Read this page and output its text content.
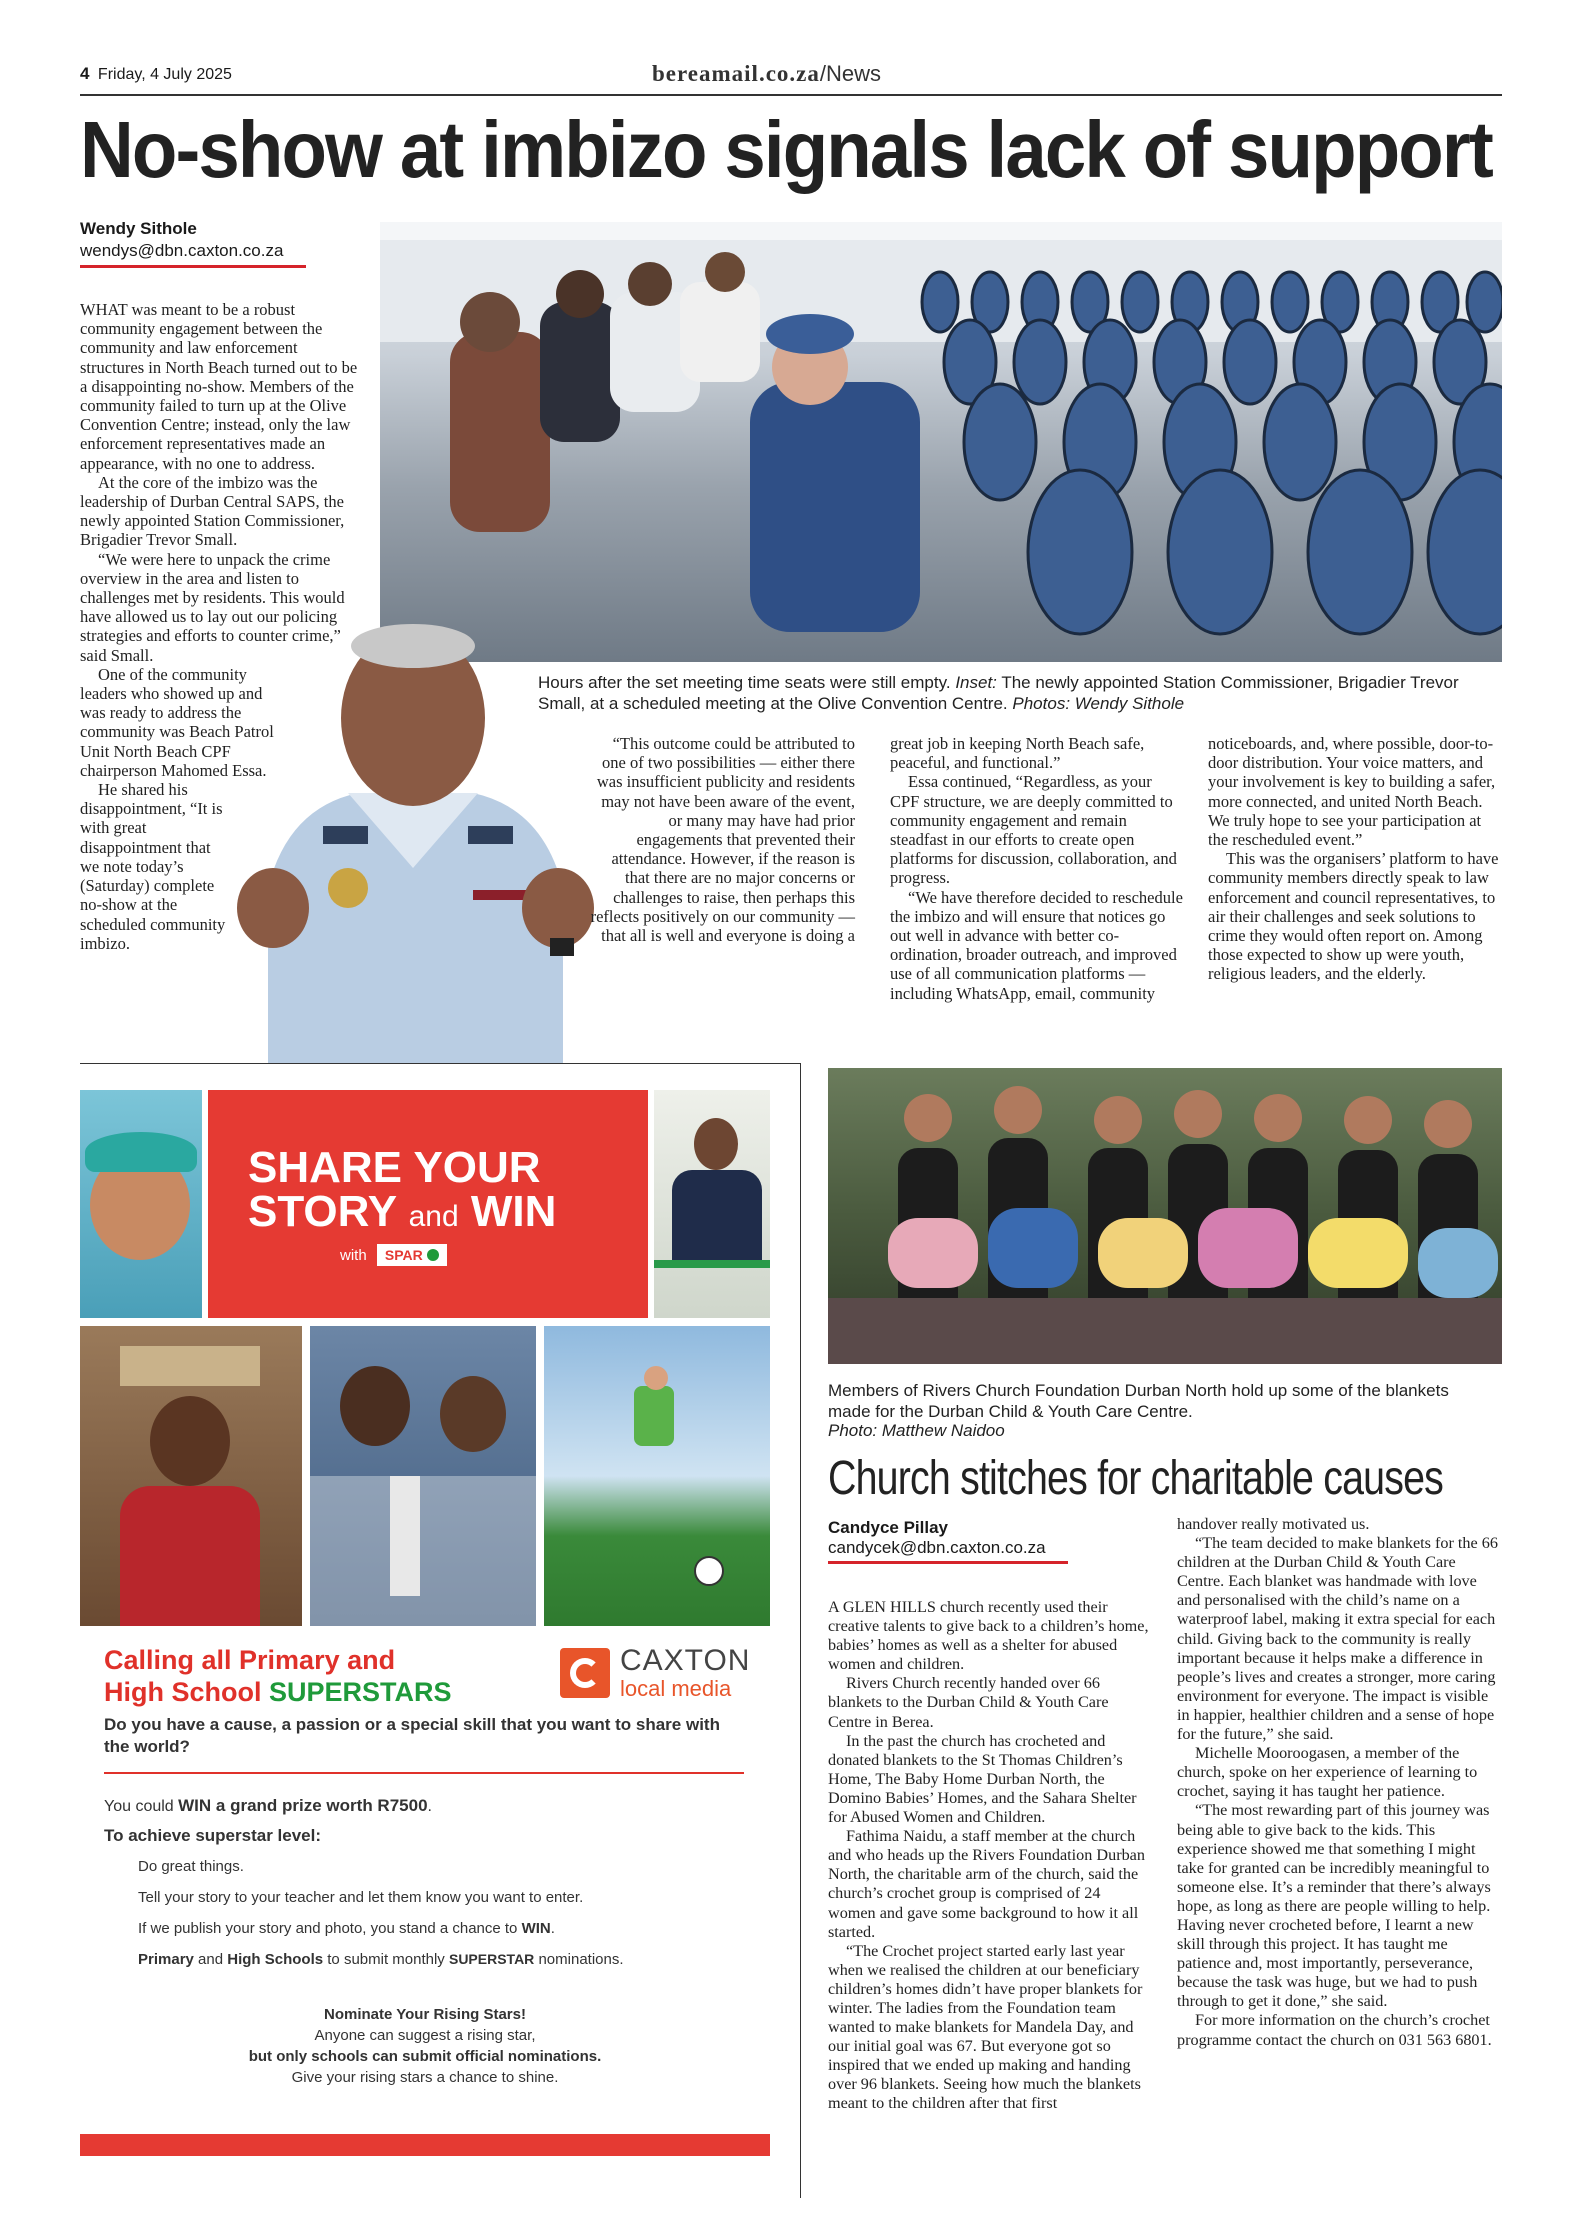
4 Friday, 4 July 2025	bereamail.co.za/News
No-show at imbizo signals lack of support
Wendy Sithole
wendys@dbn.caxton.co.za
Hours after the set meeting time seats were still empty. Inset: The newly appointed Station Commissioner, Brigadier Trevor Small, at a scheduled meeting at the Olive Convention Centre. Photos: Wendy Sithole

WHAT was meant to be a robust community engagement between the community and law enforcement structures in North Beach turned out to be a disappointing no-show. Members of the community failed to turn up at the Olive Convention Centre; instead, only the law enforcement representatives made an appearance, with no one to address.

At the core of the imbizo was the leadership of Durban Central SAPS, the newly appointed Station Commissioner, Brigadier Trevor Small.

“We were here to unpack the crime overview in the area and listen to challenges met by residents. This would have allowed us to lay out our policing strategies and efforts to counter crime,” said Small.

One of the community leaders who showed up and was ready to address the community was Beach Patrol Unit North Beach CPF chairperson Mahomed Essa.

He shared his disappointment, “It is with great disappointment that we note today’s (Saturday) complete no-show at the scheduled community imbizo.

“This outcome could be attributed to one of two possibilities — either there was insufficient publicity and residents may not have been aware of the event, or many may have had prior engagements that prevented their attendance. However, if the reason is that there are no major concerns or challenges to raise, then perhaps this reflects positively on our community — that all is well and everyone is doing a

great job in keeping North Beach safe, peaceful, and functional.”

Essa continued, “Regardless, as your CPF structure, we are deeply committed to community engagement and remain steadfast in our efforts to create open platforms for discussion, collaboration, and progress.

“We have therefore decided to reschedule the imbizo and will ensure that notices go out well in advance with better co-ordination, broader outreach, and improved use of all communication platforms — including WhatsApp, email, community

noticeboards, and, where possible, door-to-door distribution. Your voice matters, and your involvement is key to building a safer, more connected, and united North Beach. We truly hope to see your participation at the rescheduled event.”

This was the organisers’ platform to have community members directly speak to law enforcement and council representatives, to air their challenges and seek solutions to crime they would often report on. Among those expected to show up were youth, religious leaders, and the elderly.

SHARE YOUR
STORY and WIN
with SPAR
Calling all Primary and
High School SUPERSTARS
CAXTON
local media
Do you have a cause, a passion or a special skill that you want to share with the world?
You could WIN a grand prize worth R7500.
To achieve superstar level:
Do great things.
Tell your story to your teacher and let them know you want to enter.
If we publish your story and photo, you stand a chance to WIN.
Primary and High Schools to submit monthly SUPERSTAR nominations.
Nominate Your Rising Stars!
Anyone can suggest a rising star,
but only schools can submit official nominations.
Give your rising stars a chance to shine.
Members of Rivers Church Foundation Durban North hold up some of the blankets made for the Durban Child & Youth Care Centre.
Photo: Matthew Naidoo
Church stitches for charitable causes
Candyce Pillay
candycek@dbn.caxton.co.za

A GLEN HILLS church recently used their creative talents to give back to a children’s home, babies’ homes as well as a shelter for abused women and children.

Rivers Church recently handed over 66 blankets to the Durban Child & Youth Care Centre in Berea.

In the past the church has crocheted and donated blankets to the St Thomas Children’s Home, The Baby Home Durban North, the Domino Babies’ Homes, and the Sahara Shelter for Abused Women and Children.

Fathima Naidu, a staff member at the church and who heads up the Rivers Foundation Durban North, the charitable arm of the church, said the church’s crochet group is comprised of 24 women and gave some background to how it all started.

“The Crochet project started early last year when we realised the children at our beneficiary children’s homes didn’t have proper blankets for winter. The ladies from the Foundation team wanted to make blankets for Mandela Day, and our initial goal was 67. But everyone got so inspired that we ended up making and handing over 96 blankets. Seeing how much the blankets meant to the children after that first

handover really motivated us.

“The team decided to make blankets for the 66 children at the Durban Child & Youth Care Centre. Each blanket was handmade with love and personalised with the child’s name on a waterproof label, making it extra special for each child. Giving back to the community is really important because it helps make a difference in people’s lives and creates a stronger, more caring environment for everyone. The impact is visible in happier, healthier children and a sense of hope for the future,” she said.

Michelle Mooroogasen, a member of the church, spoke on her experience of learning to crochet, saying it has taught her patience.

“The most rewarding part of this journey was being able to give back to the kids. This experience showed me that something I might take for granted can be incredibly meaningful to someone else. It’s a reminder that there’s always hope, as long as there are people willing to help. Having never crocheted before, I learnt a new skill through this project. It has taught me patience and, most importantly, perseverance, because the task was huge, but we had to push through to get it done,” she said.

For more information on the church’s crochet programme contact the church on 031 563 6801.
